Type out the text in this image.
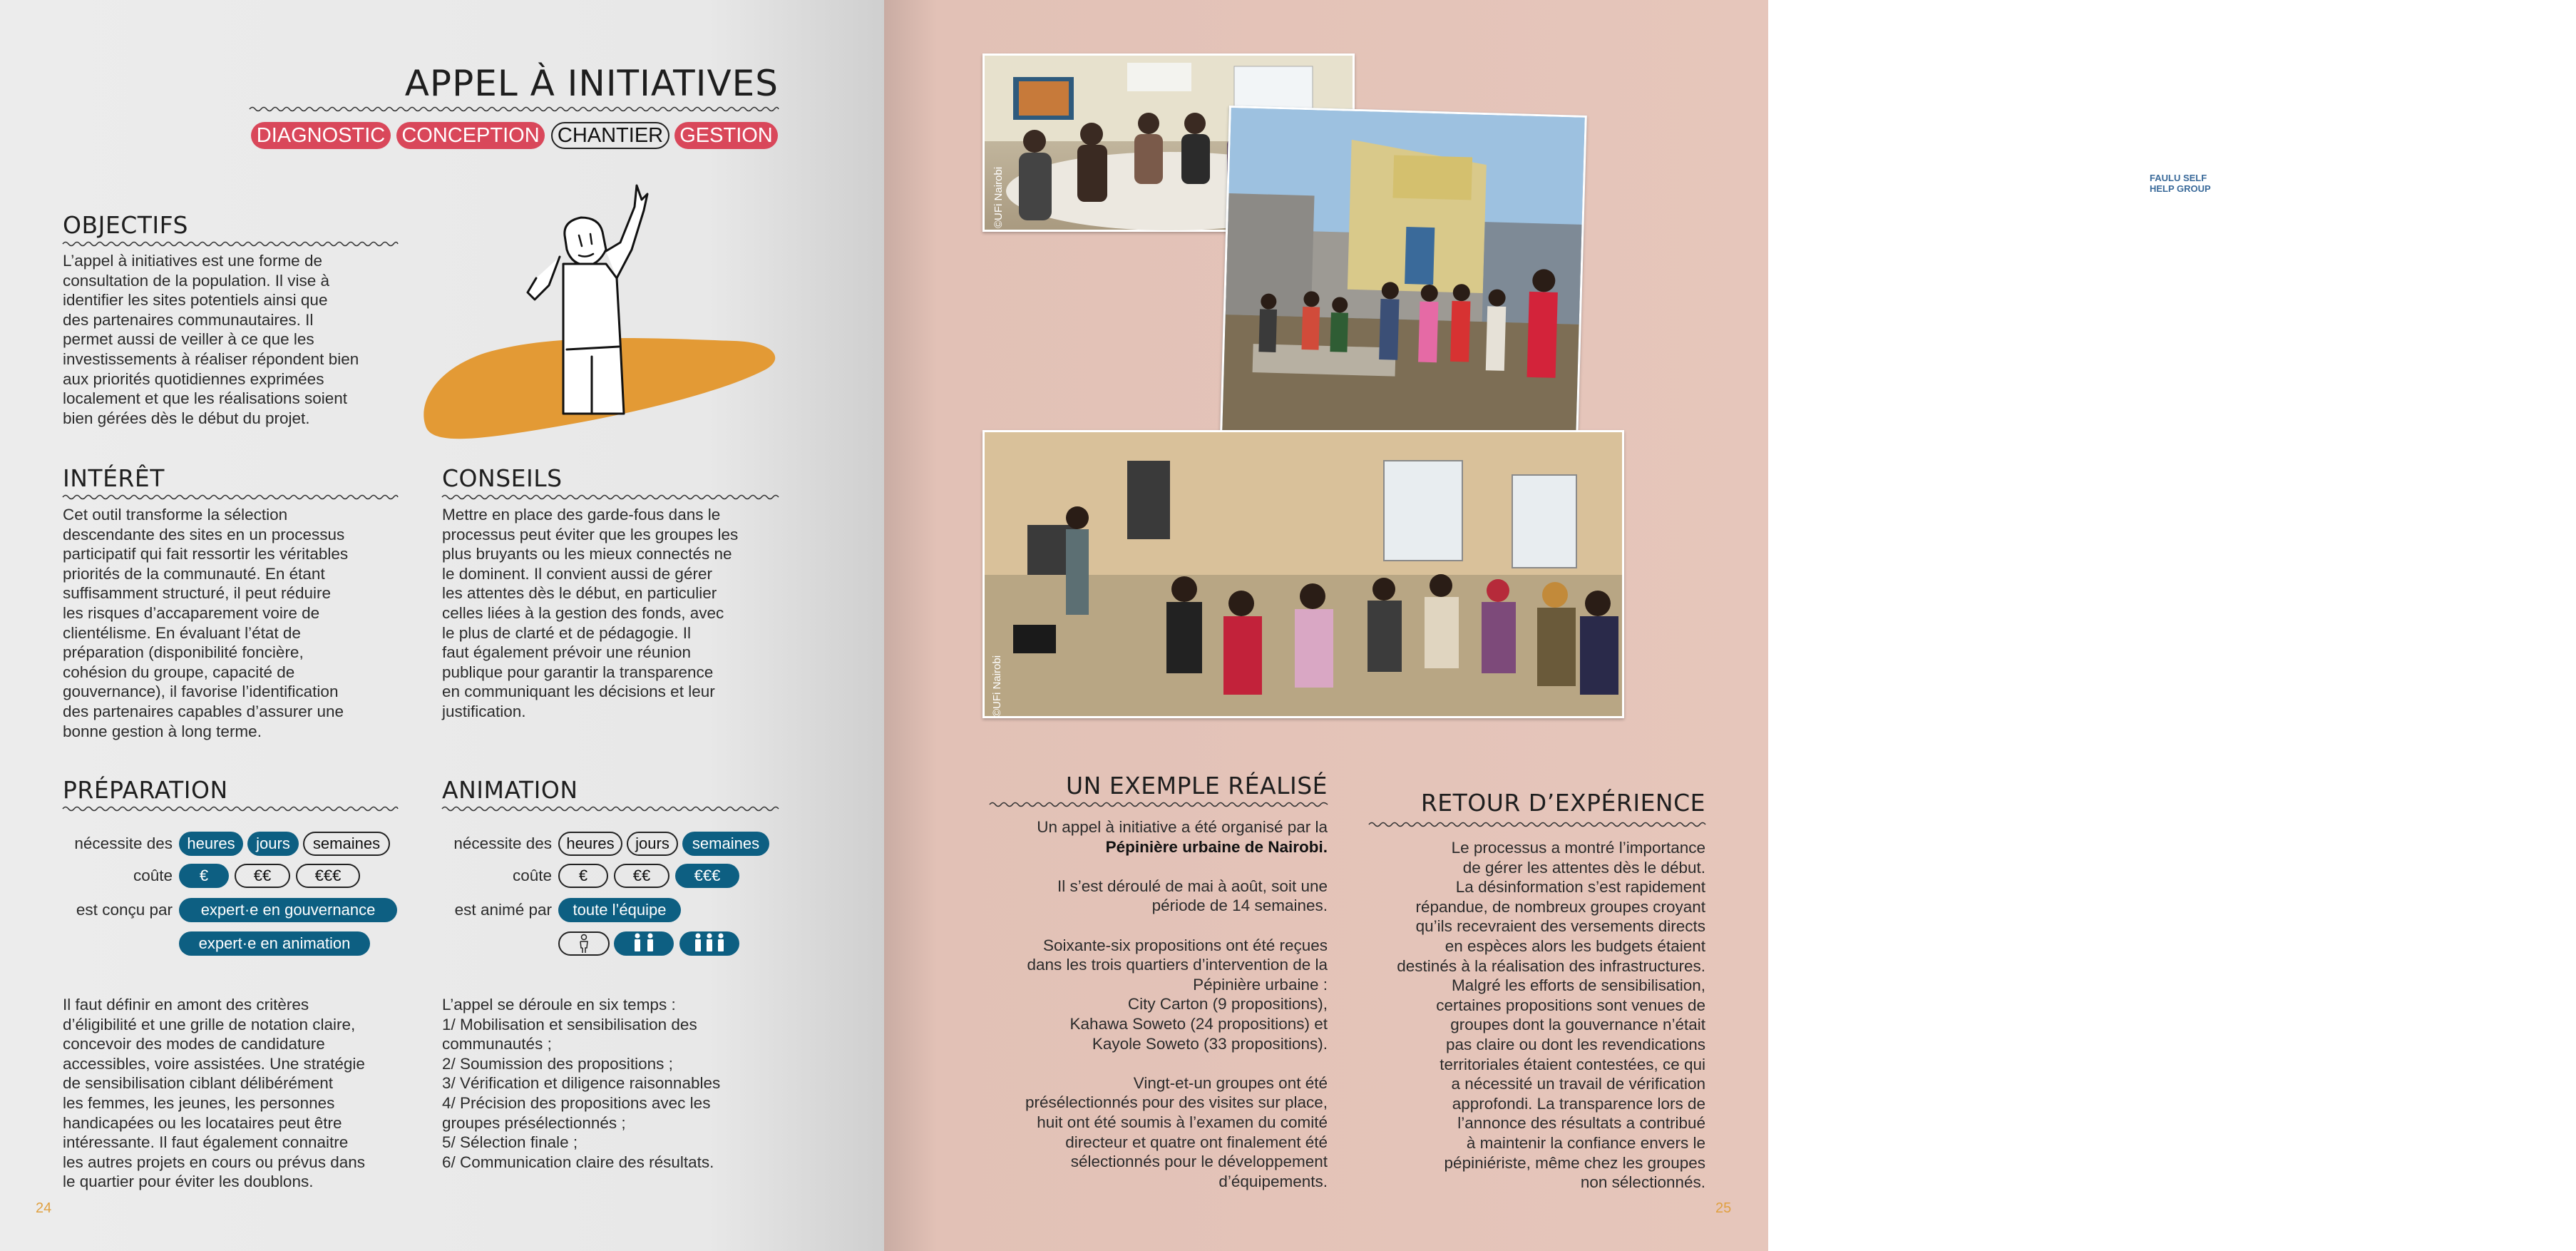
APPEL À INITIATIVES
DIAGNOSTIC CONCEPTION CHANTIER GESTION
OBJECTIFS
L’appel à initiatives est une forme de
consultation de la population. Il vise à
identifier les sites potentiels ainsi que
des partenaires communautaires. Il
permet aussi de veiller à ce que les
investissements à réaliser répondent bien
aux priorités quotidiennes exprimées
localement et que les réalisations soient
bien gérées dès le début du projet.
INTÉRÊT
Cet outil transforme la sélection
descendante des sites en un processus
participatif qui fait ressortir les véritables
priorités de la communauté. En étant
suffisamment structuré, il peut réduire
les risques d’accaparement voire de
clientélisme. En évaluant l’état de
préparation (disponibilité foncière,
cohésion du groupe, capacité de
gouvernance), il favorise l’identification
des partenaires capables d’assurer une
bonne gestion à long terme.
CONSEILS
Mettre en place des garde-fous dans le
processus peut éviter que les groupes les
plus bruyants ou les mieux connectés ne
le dominent. Il convient aussi de gérer
les attentes dès le début, en particulier
celles liées à la gestion des fonds, avec
le plus de clarté et de pédagogie. Il
faut également prévoir une réunion
publique pour garantir la transparence
en communiquant les décisions et leur
justification.
PRÉPARATION
nécessite des heures	jours	semaines
coûte	€	€€	€€€
est conçu par	expert·e en gouvernance
expert·e en animation
Il faut définir en amont des critères
d’éligibilité et une grille de notation claire,
concevoir des modes de candidature
accessibles, voire assistées. Une stratégie
de sensibilisation ciblant délibérément
les femmes, les jeunes, les personnes
handicapées ou les locataires peut être
intéressante. Il faut également connaitre
les autres projets en cours ou prévus dans
le quartier pour éviter les doublons.
ANIMATION
nécessite des heures	jours	semaines
coûte	€	€€	€€€
est animé par	toute l’équipe
L’appel se déroule en six temps :
1/ Mobilisation et sensibilisation des
communautés ;
2/ Soumission des propositions ;
3/ Vérification et diligence raisonnables
4/ Précision des propositions avec les
groupes présélectionnés ;
5/ Sélection finale ;
6/ Communication claire des résultats.
24
©UFi Nairobi	FAULU SELF HELP GROUP
©UFi Nairobi
©UFi Nairobi
UN EXEMPLE RÉALISÉ
Un appel à initiative a été organisé par la
Pépinière urbaine de Nairobi.
Il s’est déroulé de mai à août, soit une
période de 14 semaines.
Soixante-six propositions ont été reçues
dans les trois quartiers d’intervention de la
Pépinière urbaine :
City Carton (9 propositions),
Kahawa Soweto (24 propositions) et
Kayole Soweto (33 propositions).
Vingt-et-un groupes ont été
présélectionnés pour des visites sur place,
huit ont été soumis à l’examen du comité
directeur et quatre ont finalement été
sélectionnés pour le développement
d’équipements.
RETOUR D’EXPÉRIENCE
Le processus a montré l’importance
de gérer les attentes dès le début.
La désinformation s’est rapidement
répandue, de nombreux groupes croyant
qu’ils recevraient des versements directs
en espèces alors les budgets étaient
destinés à la réalisation des infrastructures.
Malgré les efforts de sensibilisation,
certaines propositions sont venues de
groupes dont la gouvernance n’était
pas claire ou dont les revendications
territoriales étaient contestées, ce qui
a nécessité un travail de vérification
approfondi. La transparence lors de
l’annonce des résultats a contribué
à maintenir la confiance envers le
pépiniériste, même chez les groupes
non sélectionnés.
25
